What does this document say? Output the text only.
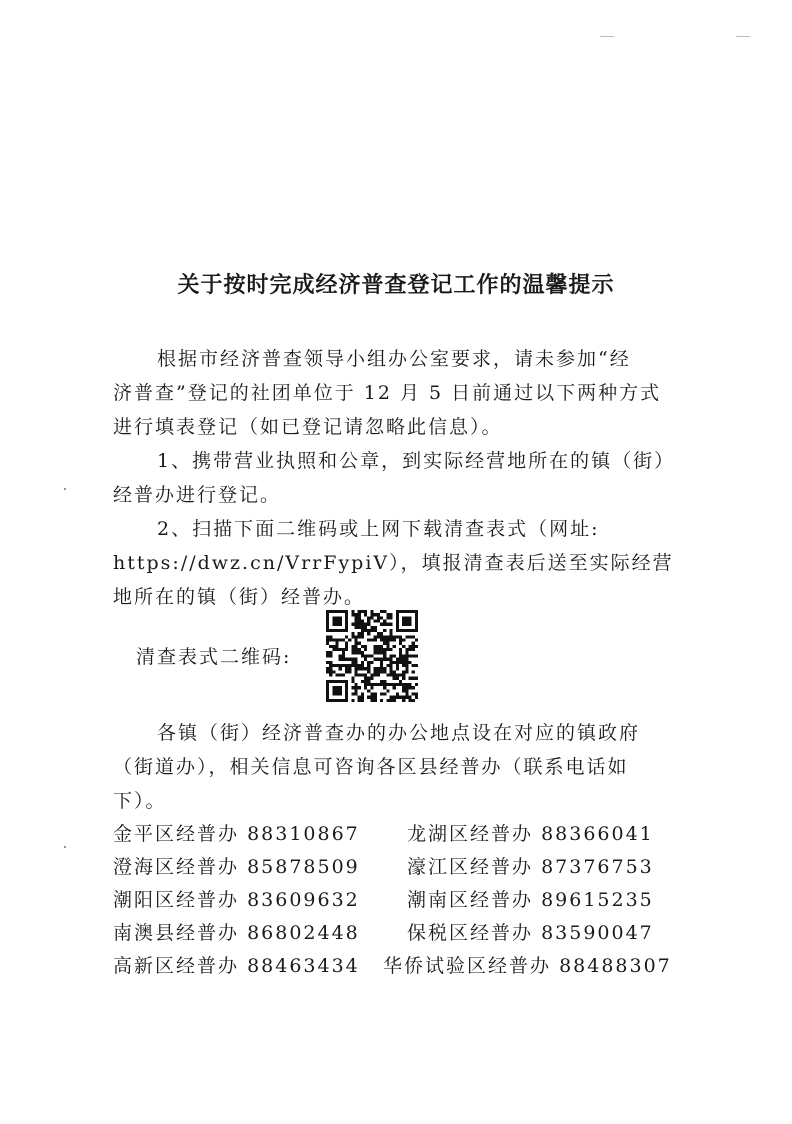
关于按时完成经济普查登记工作的温馨提示
根据市经济普查领导小组办公室要求，请未参加“经
济普查”登记的社团单位于 12 月 5 日前通过以下两种方式
进行填表登记（如已登记请忽略此信息）。
1、携带营业执照和公章，到实际经营地所在的镇（街）
经普办进行登记。
2、扫描下面二维码或上网下载清查表式（网址:
https://dwz.cn/VrrFypiV），填报清查表后送至实际经营
地所在的镇（街）经普办。
清查表式二维码:
各镇（街）经济普查办的办公地点设在对应的镇政府
（街道办），相关信息可咨询各区县经普办（联系电话如
下）。
金平区经普办 88310867 龙湖区经普办 88366041
澄海区经普办 85878509 濠江区经普办 87376753
潮阳区经普办 83609632 潮南区经普办 89615235
南澳县经普办 86802448 保税区经普办 83590047
高新区经普办 88463434 华侨试验区经普办 88488307
